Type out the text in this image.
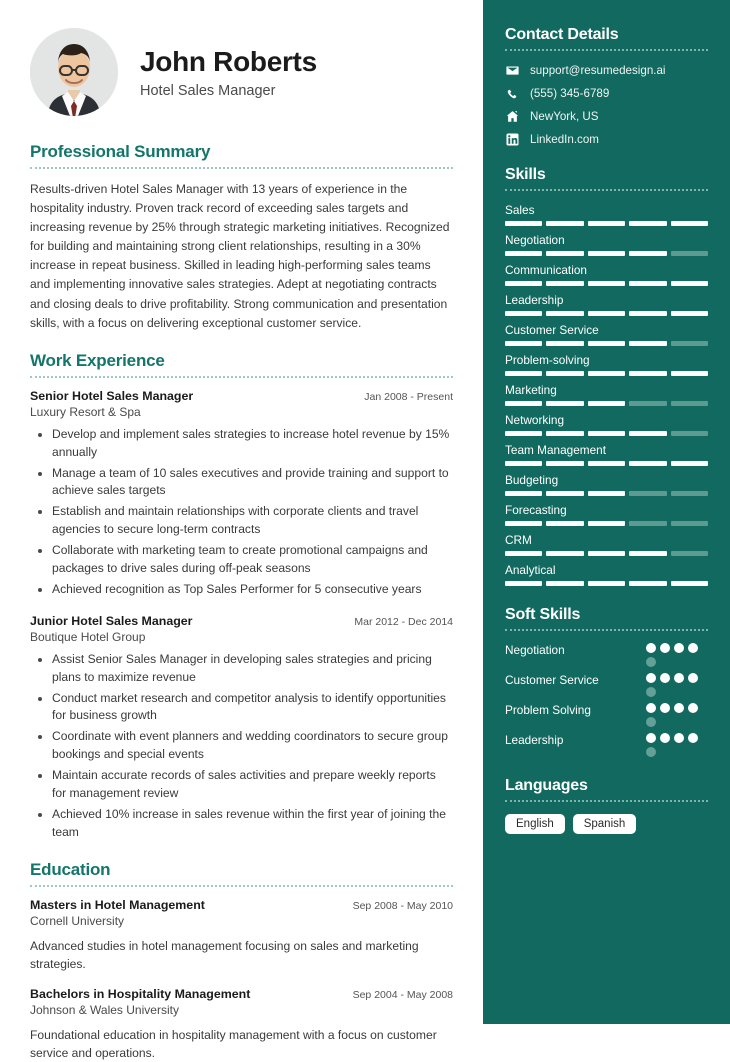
John Roberts
Hotel Sales Manager
Professional Summary
Results-driven Hotel Sales Manager with 13 years of experience in the hospitality industry. Proven track record of exceeding sales targets and increasing revenue by 25% through strategic marketing initiatives. Recognized for building and maintaining strong client relationships, resulting in a 30% increase in repeat business. Skilled in leading high-performing sales teams and implementing innovative sales strategies. Adept at negotiating contracts and closing deals to drive profitability. Strong communication and presentation skills, with a focus on delivering exceptional customer service.
Work Experience
Senior Hotel Sales Manager	Jan 2008 - Present
Luxury Resort & Spa
Develop and implement sales strategies to increase hotel revenue by 15% annually
Manage a team of 10 sales executives and provide training and support to achieve sales targets
Establish and maintain relationships with corporate clients and travel agencies to secure long-term contracts
Collaborate with marketing team to create promotional campaigns and packages to drive sales during off-peak seasons
Achieved recognition as Top Sales Performer for 5 consecutive years
Junior Hotel Sales Manager	Mar 2012 - Dec 2014
Boutique Hotel Group
Assist Senior Sales Manager in developing sales strategies and pricing plans to maximize revenue
Conduct market research and competitor analysis to identify opportunities for business growth
Coordinate with event planners and wedding coordinators to secure group bookings and special events
Maintain accurate records of sales activities and prepare weekly reports for management review
Achieved 10% increase in sales revenue within the first year of joining the team
Education
Masters in Hotel Management	Sep 2008 - May 2010
Cornell University
Advanced studies in hotel management focusing on sales and marketing strategies.
Bachelors in Hospitality Management	Sep 2004 - May 2008
Johnson & Wales University
Foundational education in hospitality management with a focus on customer service and operations.
Contact Details
support@resumedesign.ai
(555) 345-6789
NewYork, US
LinkedIn.com
Skills
Sales
Negotiation
Communication
Leadership
Customer Service
Problem-solving
Marketing
Networking
Team Management
Budgeting
Forecasting
CRM
Analytical
Soft Skills
Negotiation
Customer Service
Problem Solving
Leadership
Languages
English	Spanish
